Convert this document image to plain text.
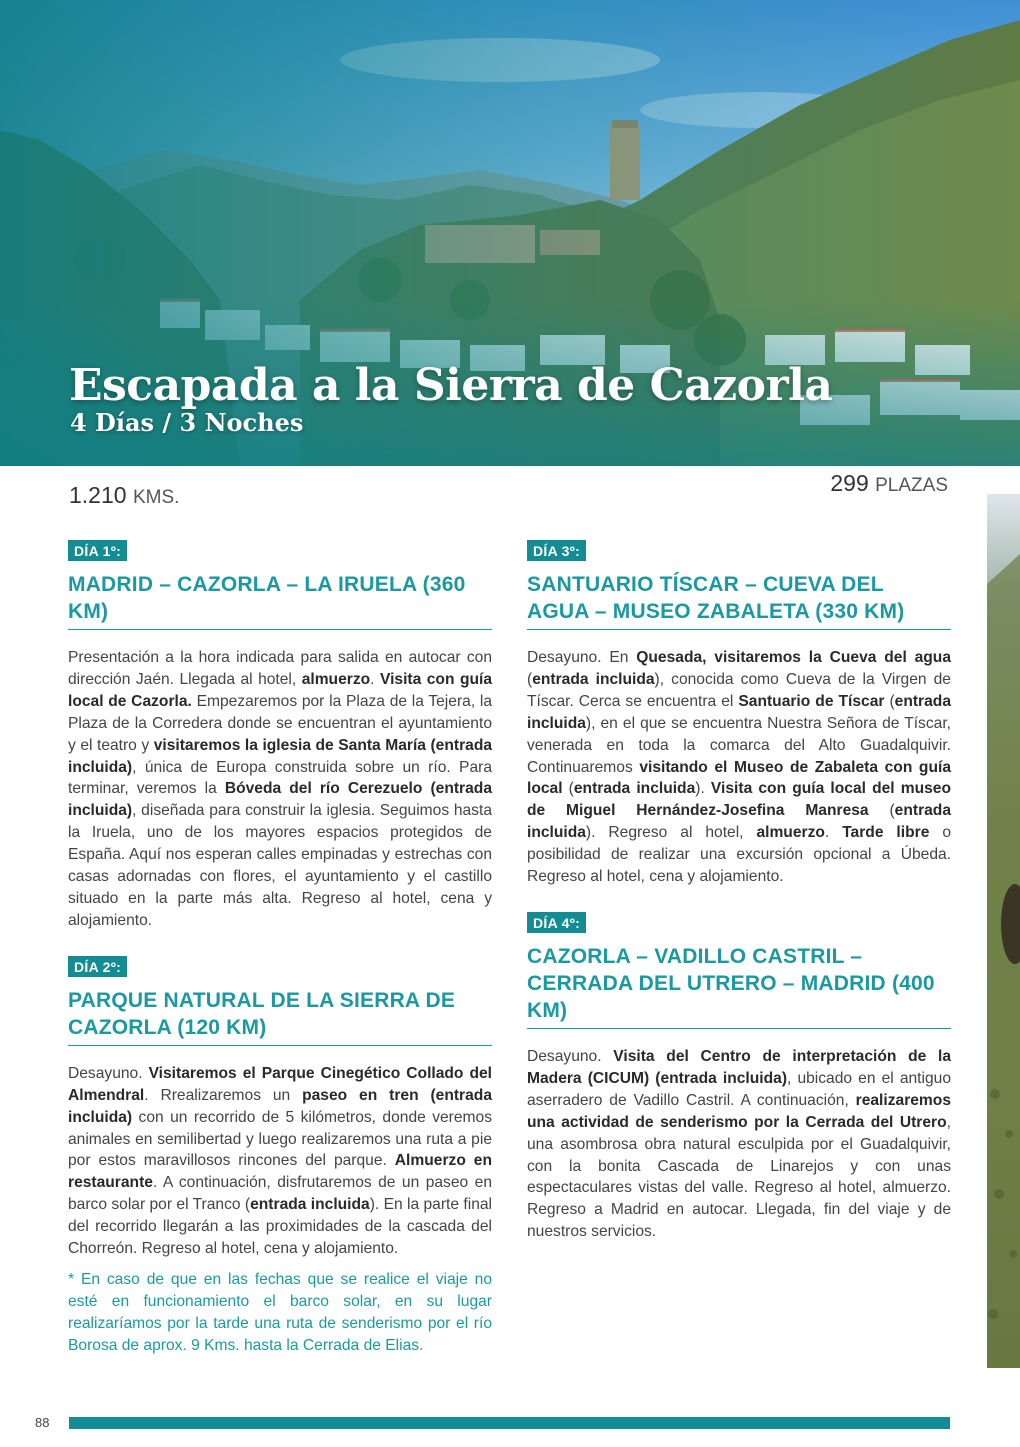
Escapada a la Sierra de Cazorla
4 Días / 3 Noches
1.210 KMS.
299 PLAZAS
DÍA 1º:
MADRID – CAZORLA – LA IRUELA (360 KM)

Presentación a la hora indicada para salida en autocar con dirección Jaén. Llegada al hotel, almuerzo. Visita con guía local de Cazorla. Empezaremos por la Plaza de la Tejera, la Plaza de la Corredera donde se encuentran el ayuntamiento y el teatro y visitaremos la iglesia de Santa María (entrada incluida), única de Europa construida sobre un río. Para terminar, veremos la Bóveda del río Cerezuelo (entrada incluida), diseñada para construir la iglesia. Seguimos hasta la Iruela, uno de los mayores espacios protegidos de España. Aquí nos esperan calles empinadas y estrechas con casas adornadas con flores, el ayuntamiento y el castillo situado en la parte más alta. Regreso al hotel, cena y alojamiento.

DÍA 2º:
PARQUE NATURAL DE LA SIERRA DE CAZORLA (120 KM)

Desayuno. Visitaremos el Parque Cinegético Collado del Almendral. Rrealizaremos un paseo en tren (entrada incluida) con un recorrido de 5 kilómetros, donde veremos animales en semilibertad y luego realizaremos una ruta a pie por estos maravillosos rincones del parque. Almuerzo en restaurante. A continuación, disfrutaremos de un paseo en barco solar por el Tranco (entrada incluida). En la parte final del recorrido llegarán a las proximidades de la cascada del Chorreón. Regreso al hotel, cena y alojamiento.

* En caso de que en las fechas que se realice el viaje no esté en funcionamiento el barco solar, en su lugar realizaríamos por la tarde una ruta de senderismo por el río Borosa de aprox. 9 Kms. hasta la Cerrada de Elias.

DÍA 3º:
SANTUARIO TÍSCAR – CUEVA DEL AGUA – MUSEO ZABALETA (330 KM)

Desayuno. En Quesada, visitaremos la Cueva del agua (entrada incluida), conocida como Cueva de la Virgen de Tíscar. Cerca se encuentra el Santuario de Tíscar (entrada incluida), en el que se encuentra Nuestra Señora de Tíscar, venerada en toda la comarca del Alto Guadalquivir. Continuaremos visitando el Museo de Zabaleta con guía local (entrada incluida). Visita con guía local del museo de Miguel Hernández-Josefina Manresa (entrada incluida). Regreso al hotel, almuerzo. Tarde libre o posibilidad de realizar una excursión opcional a Úbeda. Regreso al hotel, cena y alojamiento.

DÍA 4º:
CAZORLA – VADILLO CASTRIL – CERRADA DEL UTRERO – MADRID (400 KM)

Desayuno. Visita del Centro de interpretación de la Madera (CICUM) (entrada incluida), ubicado en el antiguo aserradero de Vadillo Castril. A continuación, realizaremos una actividad de senderismo por la Cerrada del Utrero, una asombrosa obra natural esculpida por el Guadalquivir, con la bonita Cascada de Linarejos y con unas espectaculares vistas del valle. Regreso al hotel, almuerzo. Regreso a Madrid en autocar. Llegada, fin del viaje y de nuestros servicios.

88
